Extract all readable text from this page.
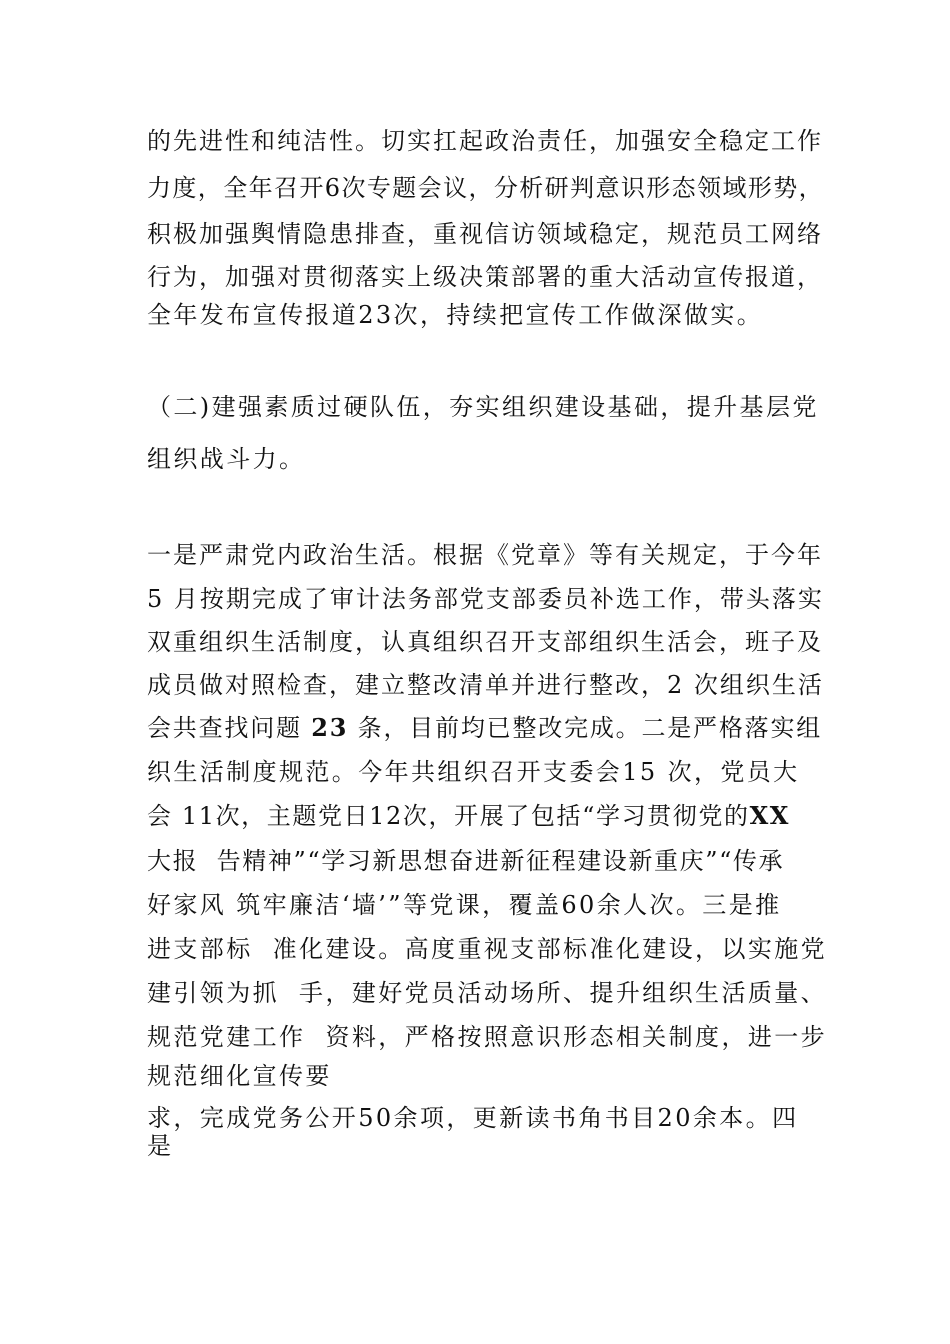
的先进性和纯洁性。切实扛起政治责任，加强安全稳定工作
力度，全年召开6次专题会议，分析研判意识形态领域形势，
积极加强舆情隐患排查，重视信访领域稳定，规范员工网络
行为，加强对贯彻落实上级决策部署的重大活动宣传报道，
全年发布宣传报道23次，持续把宣传工作做深做实。
（二)建强素质过硬队伍，夯实组织建设基础，提升基层党
组织战斗力。
一是严肃党内政治生活。根据《党章》等有关规定，于今年
5 月按期完成了审计法务部党支部委员补选工作，带头落实
双重组织生活制度，认真组织召开支部组织生活会，班子及
成员做对照检查，建立整改清单并进行整改，2 次组织生活
会共查找问题 23 条，目前均已整改完成。二是严格落实组
织生活制度规范。今年共组织召开支委会15 次，党员大
会 11次，主题党日12次，开展了包括“学习贯彻党的XX
大报  告精神”“学习新思想奋进新征程建设新重庆”“传承
好家风 筑牢廉洁‘墙’”等党课，覆盖60余人次。三是推
进支部标  准化建设。高度重视支部标准化建设，以实施党
建引领为抓  手，建好党员活动场所、提升组织生活质量、
规范党建工作  资料，严格按照意识形态相关制度，进一步
规范细化宣传要
求，完成党务公开50余项，更新读书角书目20余本。四
是
